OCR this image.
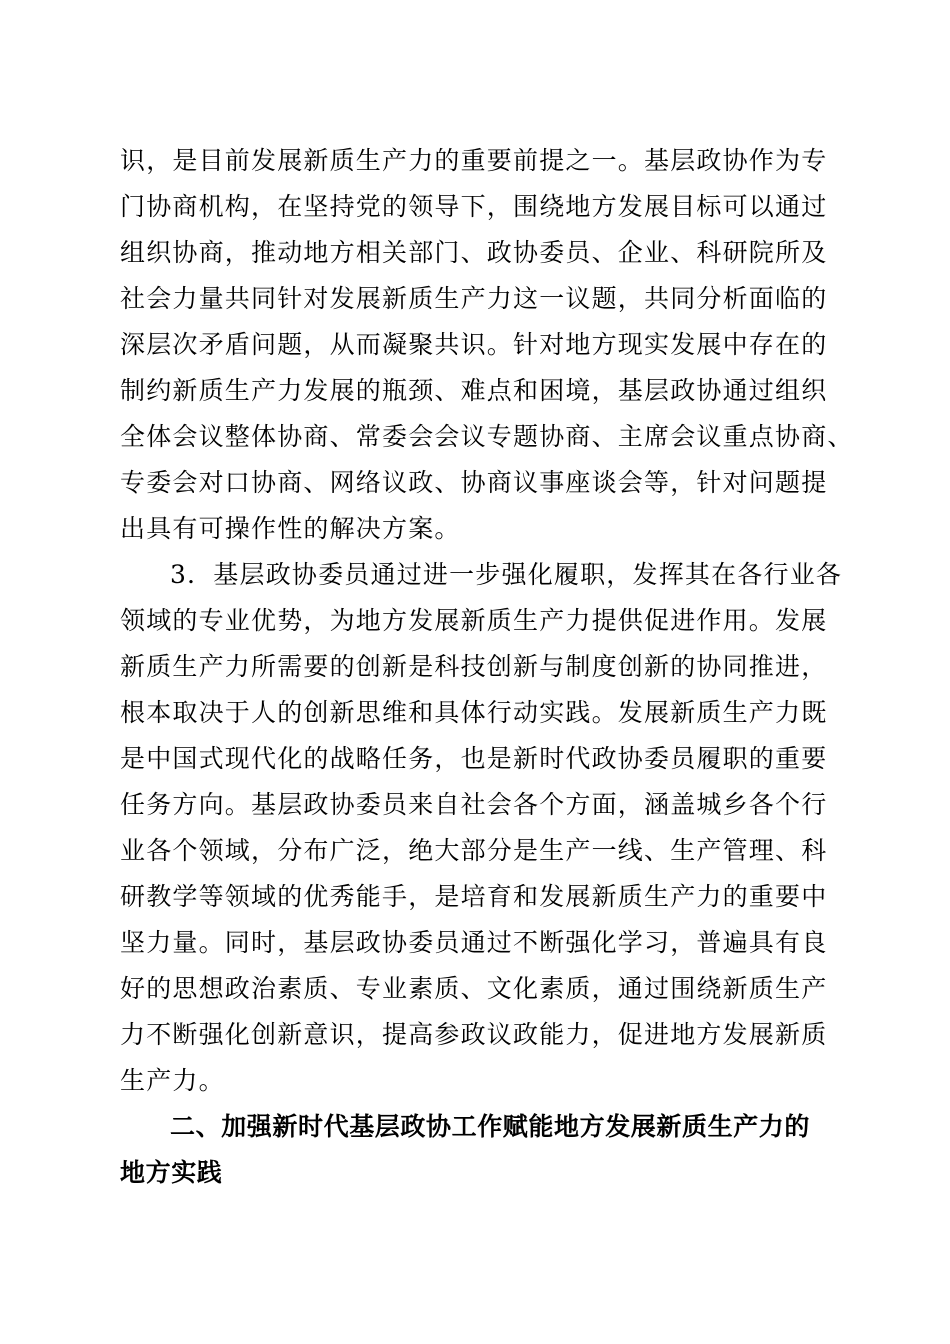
识，是目前发展新质生产力的重要前提之一。基层政协作为专
门协商机构，在坚持党的领导下，围绕地方发展目标可以通过
组织协商，推动地方相关部门、政协委员、企业、科研院所及
社会力量共同针对发展新质生产力这一议题，共同分析面临的
深层次矛盾问题，从而凝聚共识。针对地方现实发展中存在的
制约新质生产力发展的瓶颈、难点和困境，基层政协通过组织
全体会议整体协商、常委会会议专题协商、主席会议重点协商、
专委会对口协商、网络议政、协商议事座谈会等，针对问题提
出具有可操作性的解决方案。
3．基层政协委员通过进一步强化履职，发挥其在各行业各
领域的专业优势，为地方发展新质生产力提供促进作用。发展
新质生产力所需要的创新是科技创新与制度创新的协同推进，
根本取决于人的创新思维和具体行动实践。发展新质生产力既
是中国式现代化的战略任务，也是新时代政协委员履职的重要
任务方向。基层政协委员来自社会各个方面，涵盖城乡各个行
业各个领域，分布广泛，绝大部分是生产一线、生产管理、科
研教学等领域的优秀能手，是培育和发展新质生产力的重要中
坚力量。同时，基层政协委员通过不断强化学习，普遍具有良
好的思想政治素质、专业素质、文化素质，通过围绕新质生产
力不断强化创新意识，提高参政议政能力，促进地方发展新质
生产力。
二、加强新时代基层政协工作赋能地方发展新质生产力的
地方实践
